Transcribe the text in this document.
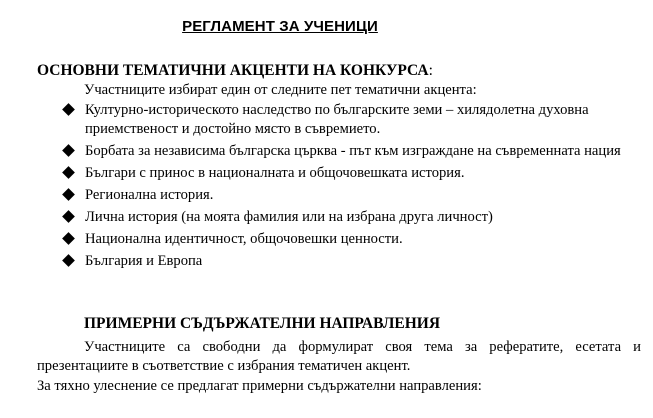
РЕГЛАМЕНТ ЗА УЧЕНИЦИ
ОСНОВНИ ТЕМАТИЧНИ АКЦЕНТИ НА КОНКУРСА:
Участниците избират един от следните пет тематични акцента:
Културно-историческото наследство по българските земи – хилядолетна духовна приемственост и достойно място в съвремието.
Борбата за независима българска църква - път към изграждане на съвременната нация
Българи с принос в националната и общочовешката история.
Регионална история.
Лична история (на моята фамилия или на избрана друга личност)
Национална идентичност, общочовешки ценности.
България и Европа
ПРИМЕРНИ СЪДЪРЖАТЕЛНИ НАПРАВЛЕНИЯ
Участниците са свободни да формулират своя тема за рефератите, есетата и презентациите в съответствие с избрания тематичен акцент.
За тяхно улеснение се предлагат примерни съдържателни направления:
